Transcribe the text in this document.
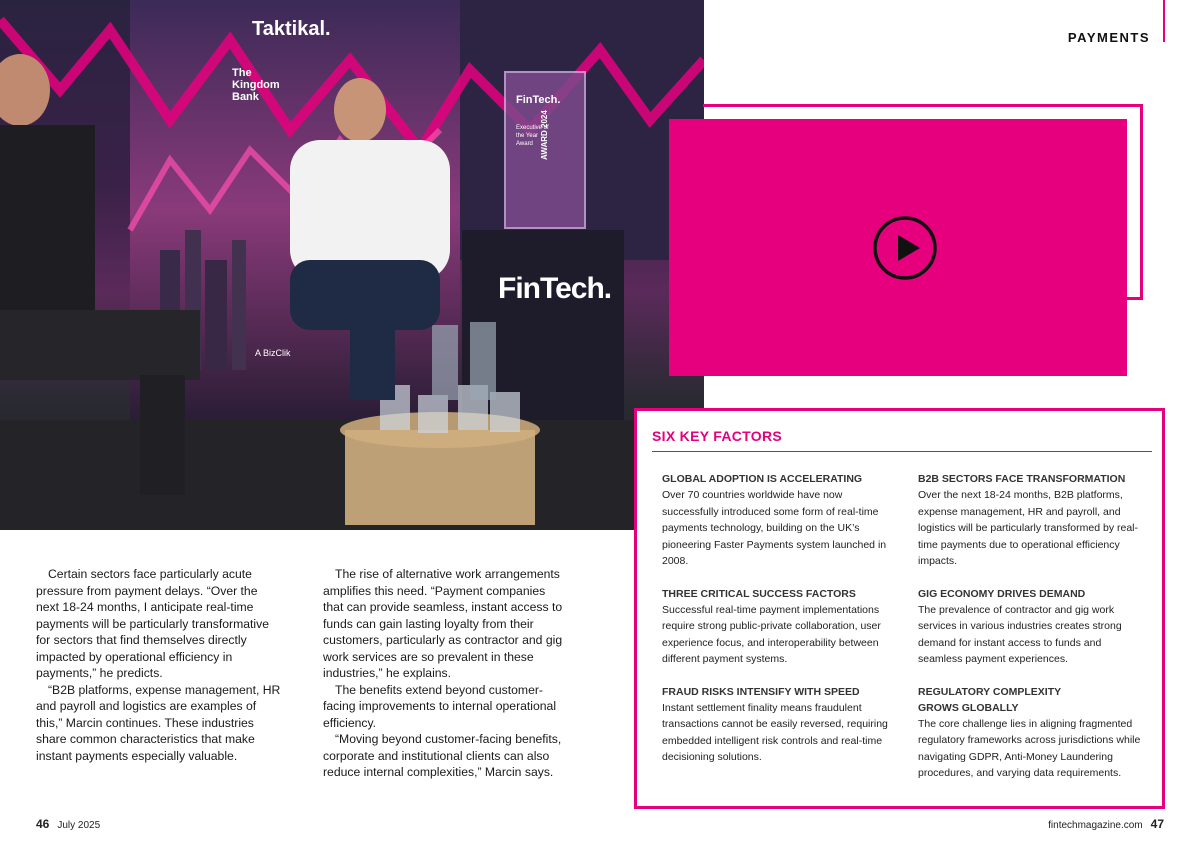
Taktikal.
The Kingdom Bank
FinTech.
A BizClik
FinTech.
Executive of the Year Award AWARD 2024
PAYMENTS
SIX KEY FACTORS
GLOBAL ADOPTION IS ACCELERATING

Over 70 countries worldwide have now successfully introduced some form of real-time payments technology, building on the UK’s pioneering Faster Payments system launched in 2008.

THREE CRITICAL SUCCESS FACTORS

Successful real-time payment implementations require strong public-private collaboration, user experience focus, and interoperability between different payment systems.

FRAUD RISKS INTENSIFY WITH SPEED

Instant settlement finality means fraudulent transactions cannot be easily reversed, requiring embedded intelligent risk controls and real-time decisioning solutions.

B2B SECTORS FACE TRANSFORMATION

Over the next 18-24 months, B2B platforms, expense management, HR and payroll, and logistics will be particularly transformed by real-time payments due to operational efficiency impacts.

GIG ECONOMY DRIVES DEMAND

The prevalence of contractor and gig work services in various industries creates strong demand for instant access to funds and seamless payment experiences.

REGULATORY COMPLEXITY GROWS GLOBALLY

The core challenge lies in aligning fragmented regulatory frameworks across jurisdictions while navigating GDPR, Anti-Money Laundering procedures, and varying data requirements.

Certain sectors face particularly acute pressure from payment delays. “Over the next 18-24 months, I anticipate real-time payments will be particularly transformative for sectors that find themselves directly impacted by operational efficiency in payments,” he predicts.

“B2B platforms, expense management, HR and payroll and logistics are examples of this,” Marcin continues. These industries share common characteristics that make instant payments especially valuable.

The rise of alternative work arrangements amplifies this need. “Payment companies that can provide seamless, instant access to funds can gain lasting loyalty from their customers, particularly as contractor and gig work services are so prevalent in these industries,” he explains.

The benefits extend beyond customer-facing improvements to internal operational efficiency.

“Moving beyond customer-facing benefits, corporate and institutional clients can also reduce internal complexities,” Marcin says.

46 July 2025	fintechmagazine.com 47
